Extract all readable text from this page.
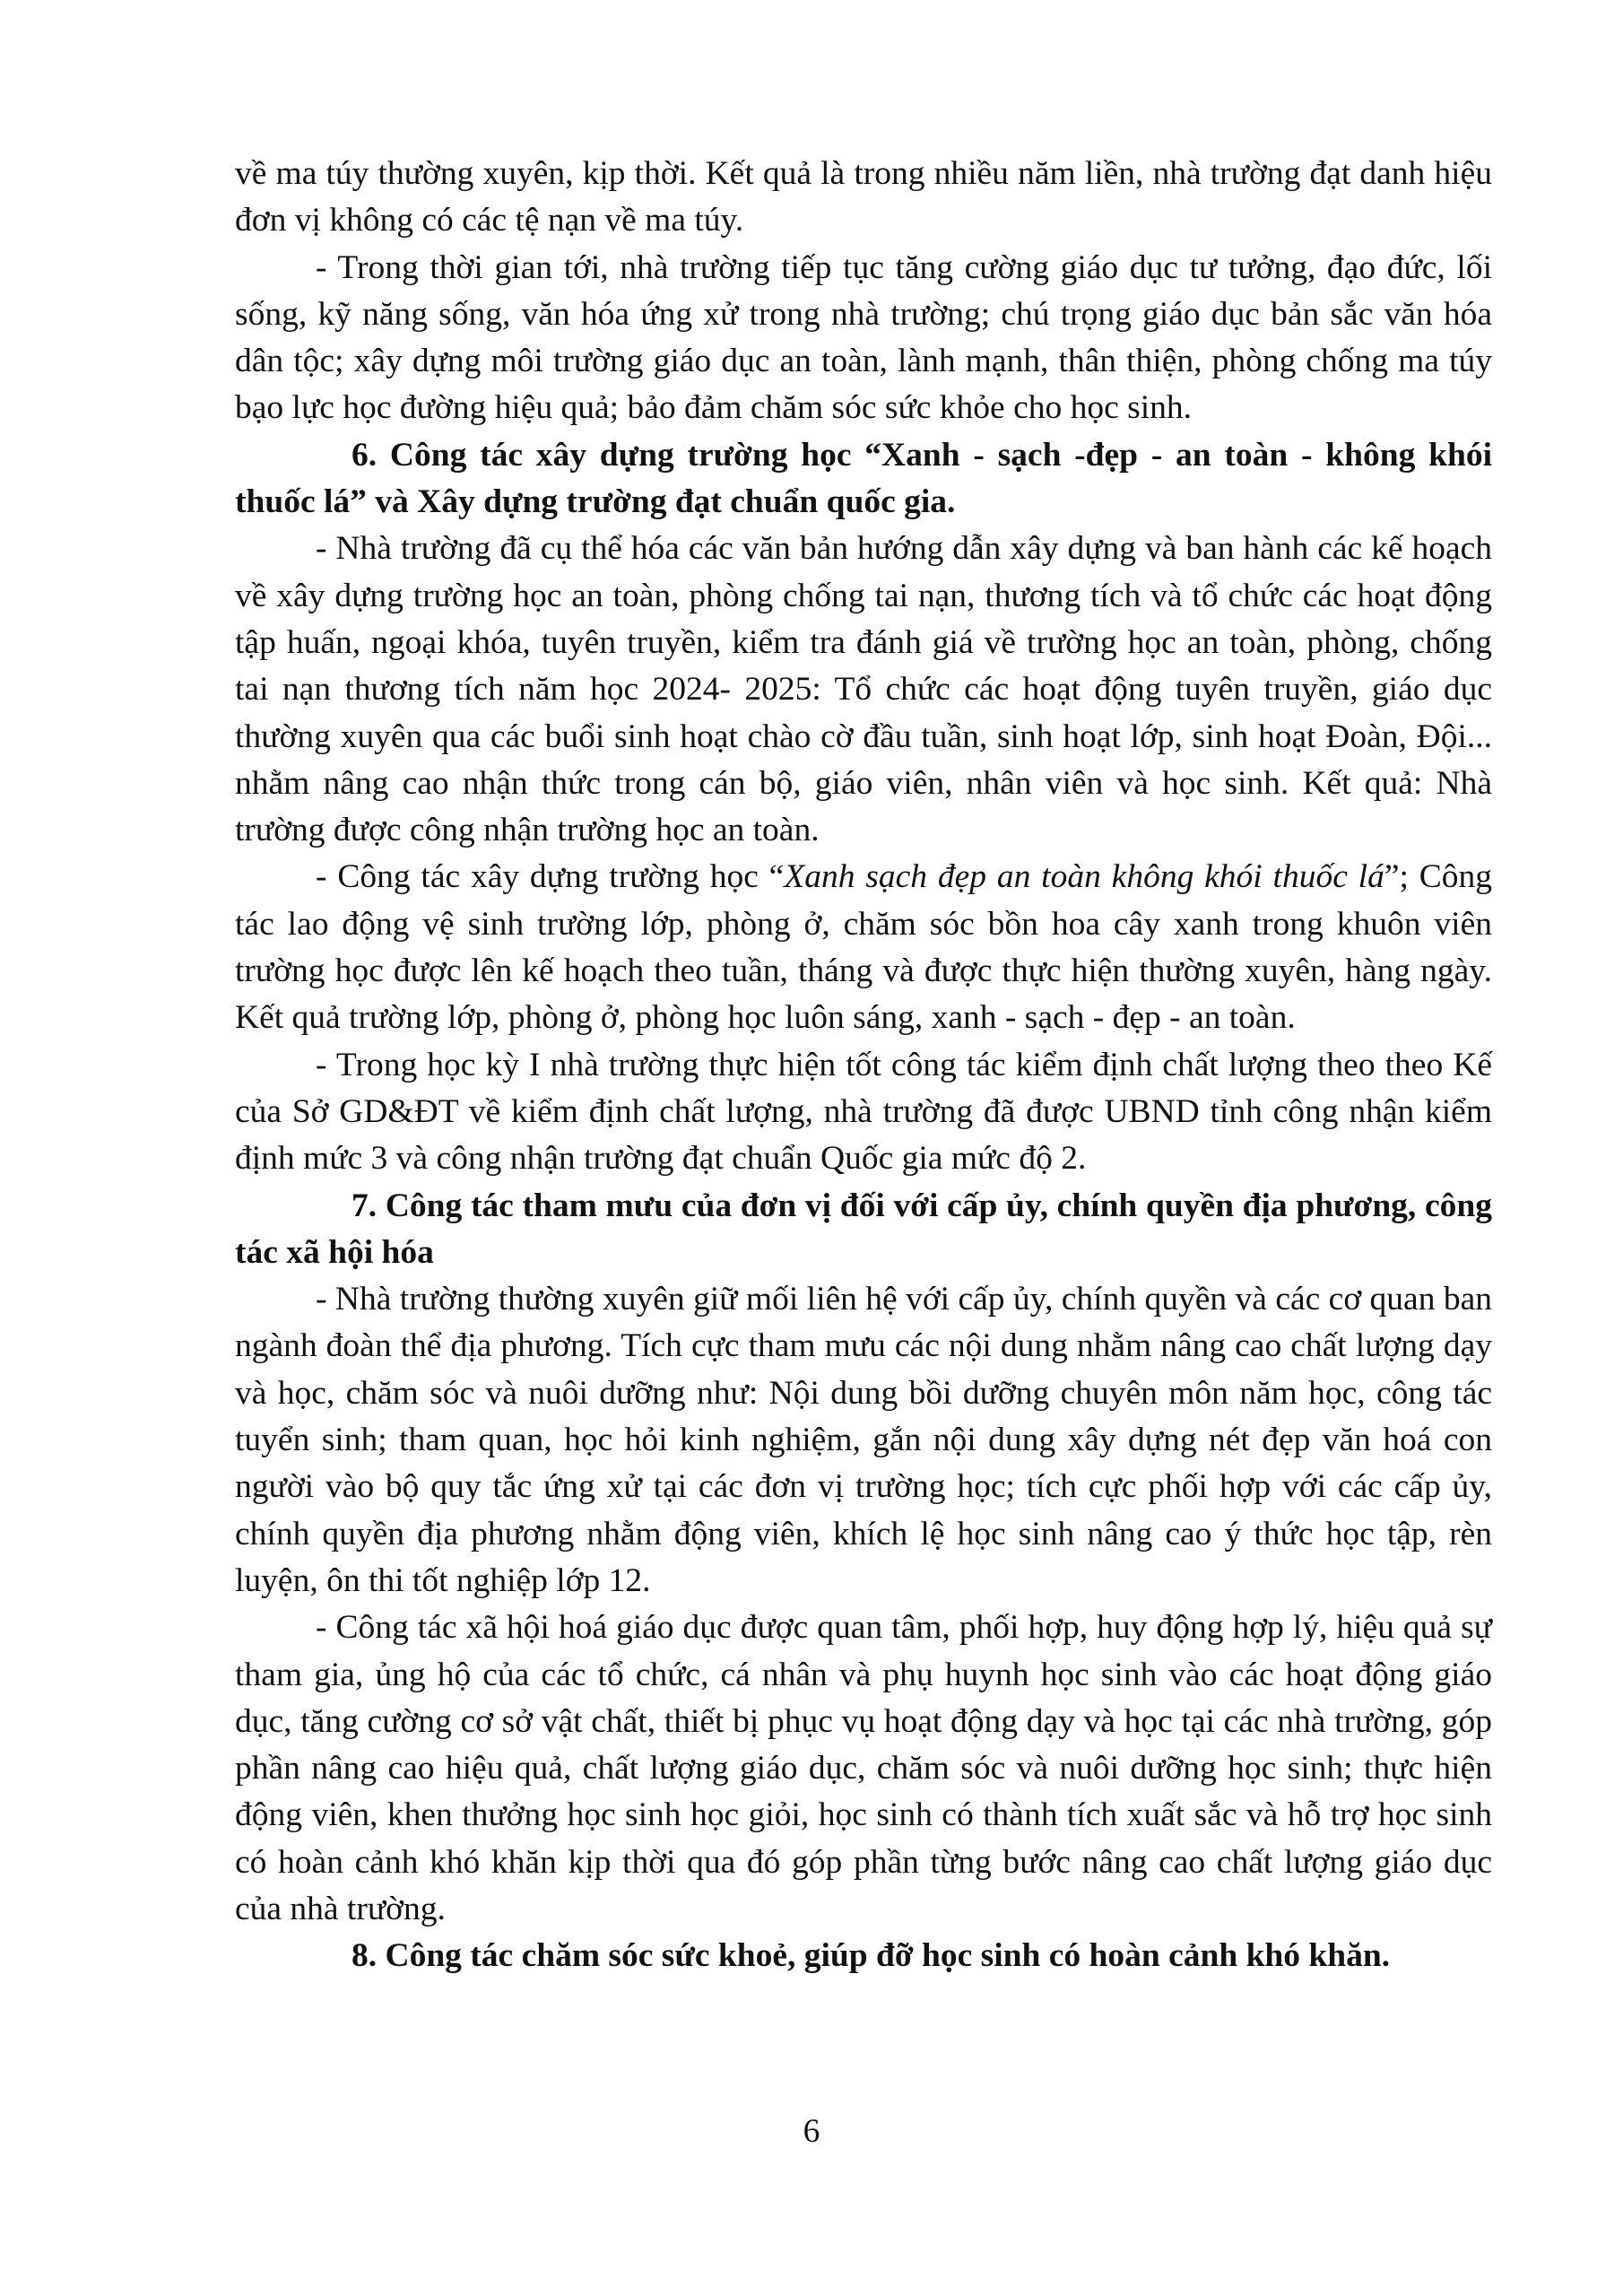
về ma túy thường xuyên, kịp thời. Kết quả là trong nhiều năm liền, nhà trường đạt danh hiệu đơn vị không có các tệ nạn về ma túy.

- Trong thời gian tới, nhà trường tiếp tục tăng cường giáo dục tư tưởng, đạo đức, lối sống, kỹ năng sống, văn hóa ứng xử trong nhà trường; chú trọng giáo dục bản sắc văn hóa dân tộc; xây dựng môi trường giáo dục an toàn, lành mạnh, thân thiện, phòng chống ma túy bạo lực học đường hiệu quả; bảo đảm chăm sóc sức khỏe cho học sinh.

6. Công tác xây dựng trường học “Xanh - sạch -đẹp - an toàn - không khói thuốc lá” và Xây dựng trường đạt chuẩn quốc gia.

- Nhà trường đã cụ thể hóa các văn bản hướng dẫn xây dựng và ban hành các kế hoạch về xây dựng trường học an toàn, phòng chống tai nạn, thương tích và tổ chức các hoạt động tập huấn, ngoại khóa, tuyên truyền, kiểm tra đánh giá về trường học an toàn, phòng, chống tai nạn thương tích năm học 2024- 2025: Tổ chức các hoạt động tuyên truyền, giáo dục thường xuyên qua các buổi sinh hoạt chào cờ đầu tuần, sinh hoạt lớp, sinh hoạt Đoàn, Đội... nhằm nâng cao nhận thức trong cán bộ, giáo viên, nhân viên và học sinh. Kết quả: Nhà trường được công nhận trường học an toàn.

- Công tác xây dựng trường học “Xanh sạch đẹp an toàn không khói thuốc lá”; Công tác lao động vệ sinh trường lớp, phòng ở, chăm sóc bồn hoa cây xanh trong khuôn viên trường học được lên kế hoạch theo tuần, tháng và được thực hiện thường xuyên, hàng ngày. Kết quả trường lớp, phòng ở, phòng học luôn sáng, xanh - sạch - đẹp - an toàn.

- Trong học kỳ I nhà trường thực hiện tốt công tác kiểm định chất lượng theo theo Kế của Sở GD&ĐT về kiểm định chất lượng, nhà trường đã được UBND tỉnh công nhận kiểm định mức 3 và công nhận trường đạt chuẩn Quốc gia mức độ 2.

7. Công tác tham mưu của đơn vị đối với cấp ủy, chính quyền địa phương, công tác xã hội hóa

- Nhà trường thường xuyên giữ mối liên hệ với cấp ủy, chính quyền và các cơ quan ban ngành đoàn thể địa phương. Tích cực tham mưu các nội dung nhằm nâng cao chất lượng dạy và học, chăm sóc và nuôi dưỡng như: Nội dung bồi dưỡng chuyên môn năm học, công tác tuyển sinh; tham quan, học hỏi kinh nghiệm, gắn nội dung xây dựng nét đẹp văn hoá con người vào bộ quy tắc ứng xử tại các đơn vị trường học; tích cực phối hợp với các cấp ủy, chính quyền địa phương nhằm động viên, khích lệ học sinh nâng cao ý thức học tập, rèn luyện, ôn thi tốt nghiệp lớp 12.

- Công tác xã hội hoá giáo dục được quan tâm, phối hợp, huy động hợp lý, hiệu quả sự tham gia, ủng hộ của các tổ chức, cá nhân và phụ huynh học sinh vào các hoạt động giáo dục, tăng cường cơ sở vật chất, thiết bị phục vụ hoạt động dạy và học tại các nhà trường, góp phần nâng cao hiệu quả, chất lượng giáo dục, chăm sóc và nuôi dưỡng học sinh; thực hiện động viên, khen thưởng học sinh học giỏi, học sinh có thành tích xuất sắc và hỗ trợ học sinh có hoàn cảnh khó khăn kịp thời qua đó góp phần từng bước nâng cao chất lượng giáo dục của nhà trường.

8. Công tác chăm sóc sức khoẻ, giúp đỡ học sinh có hoàn cảnh khó khăn.

6
